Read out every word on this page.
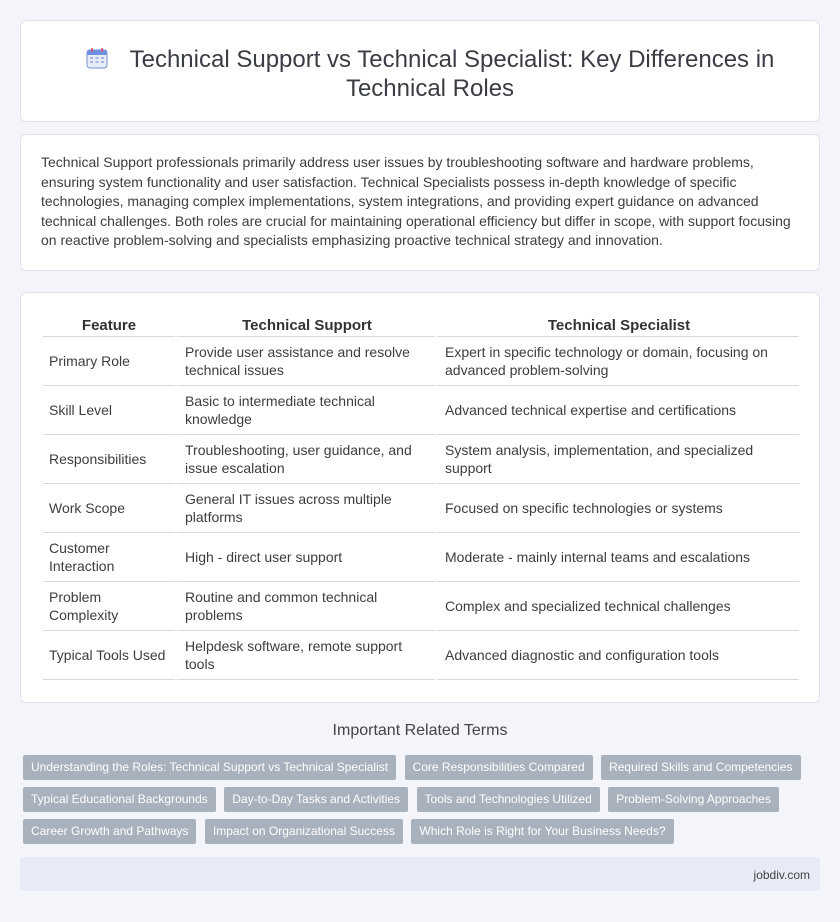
Technical Support vs Technical Specialist: Key Differences in Technical Roles

Technical Support professionals primarily address user issues by troubleshooting software and hardware problems, ensuring system functionality and user satisfaction. Technical Specialists possess in-depth knowledge of specific technologies, managing complex implementations, system integrations, and providing expert guidance on advanced technical challenges. Both roles are crucial for maintaining operational efficiency but differ in scope, with support focusing on reactive problem-solving and specialists emphasizing proactive technical strategy and innovation.

Feature	Technical Support	Technical Specialist
Primary Role	Provide user assistance and resolve technical issues	Expert in specific technology or domain, focusing on advanced problem-solving
Skill Level	Basic to intermediate technical knowledge	Advanced technical expertise and certifications
Responsibilities	Troubleshooting, user guidance, and issue escalation	System analysis, implementation, and specialized support
Work Scope	General IT issues across multiple platforms	Focused on specific technologies or systems
Customer Interaction	High - direct user support	Moderate - mainly internal teams and escalations
Problem Complexity	Routine and common technical problems	Complex and specialized technical challenges
Typical Tools Used	Helpdesk software, remote support tools	Advanced diagnostic and configuration tools
Important Related Terms
Understanding the Roles: Technical Support vs Technical Specialist Core Responsibilities Compared Required Skills and Competencies Typical Educational Backgrounds Day-to-Day Tasks and Activities Tools and Technologies Utilized Problem-Solving Approaches Career Growth and Pathways Impact on Organizational Success Which Role is Right for Your Business Needs?
jobdiv.com
